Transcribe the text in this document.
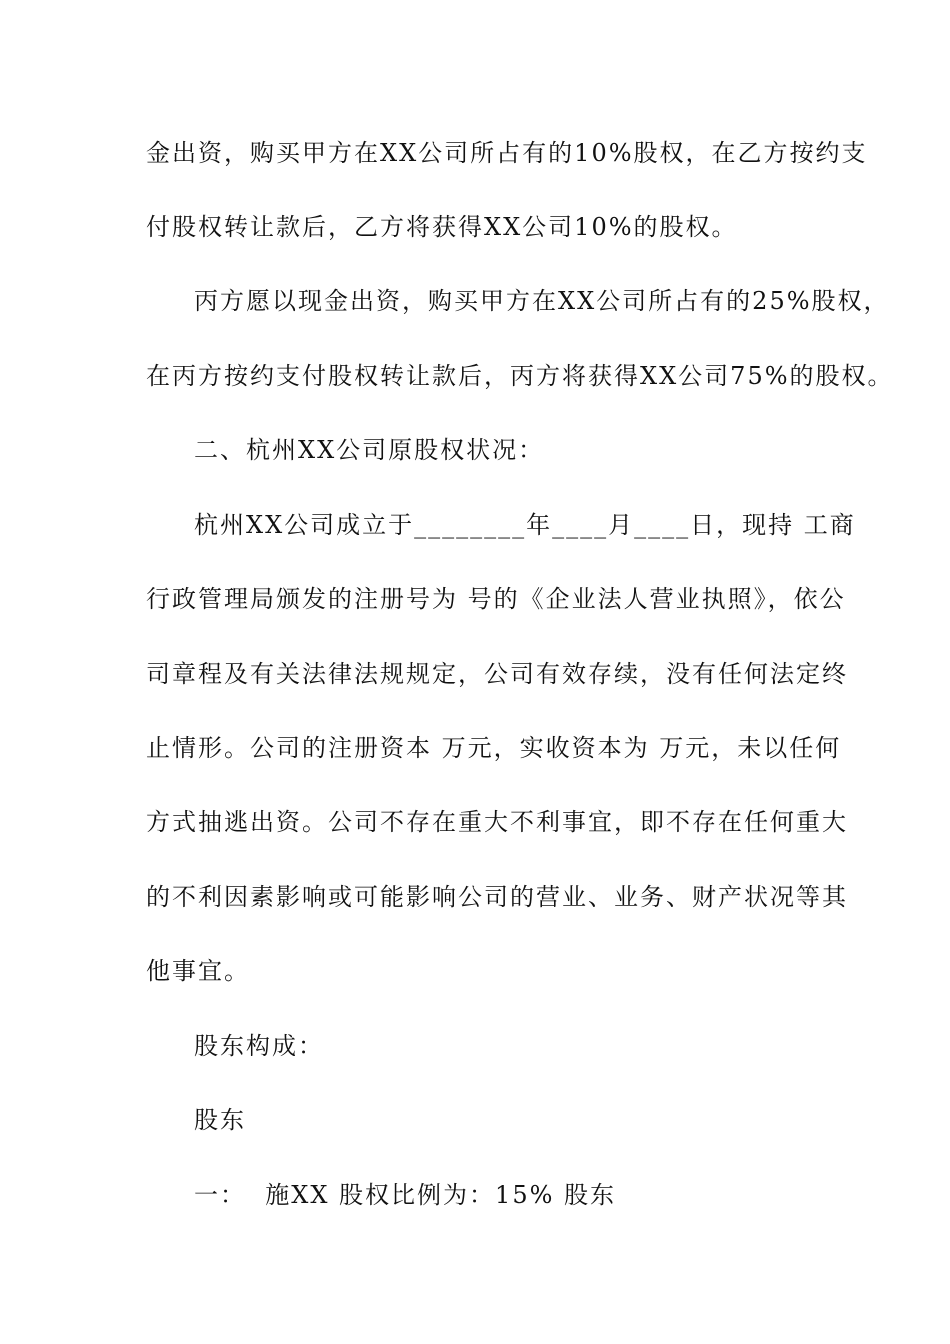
金出资，购买甲方在XX公司所占有的10%股权，在乙方按约支
付股权转让款后，乙方将获得XX公司10%的股权。
丙方愿以现金出资，购买甲方在XX公司所占有的25%股权，
在丙方按约支付股权转让款后，丙方将获得XX公司75%的股权。
二、杭州XX公司原股权状况：
杭州XX公司成立于________年____月____日，现持 工商
行政管理局颁发的注册号为 号的《企业法人营业执照》，依公
司章程及有关法律法规规定，公司有效存续，没有任何法定终
止情形。公司的注册资本 万元，实收资本为 万元，未以任何
方式抽逃出资。公司不存在重大不利事宜，即不存在任何重大
的不利因素影响或可能影响公司的营业、业务、财产状况等其
他事宜。
股东构成：
股东
一：  施XX 股权比例为：15% 股东
